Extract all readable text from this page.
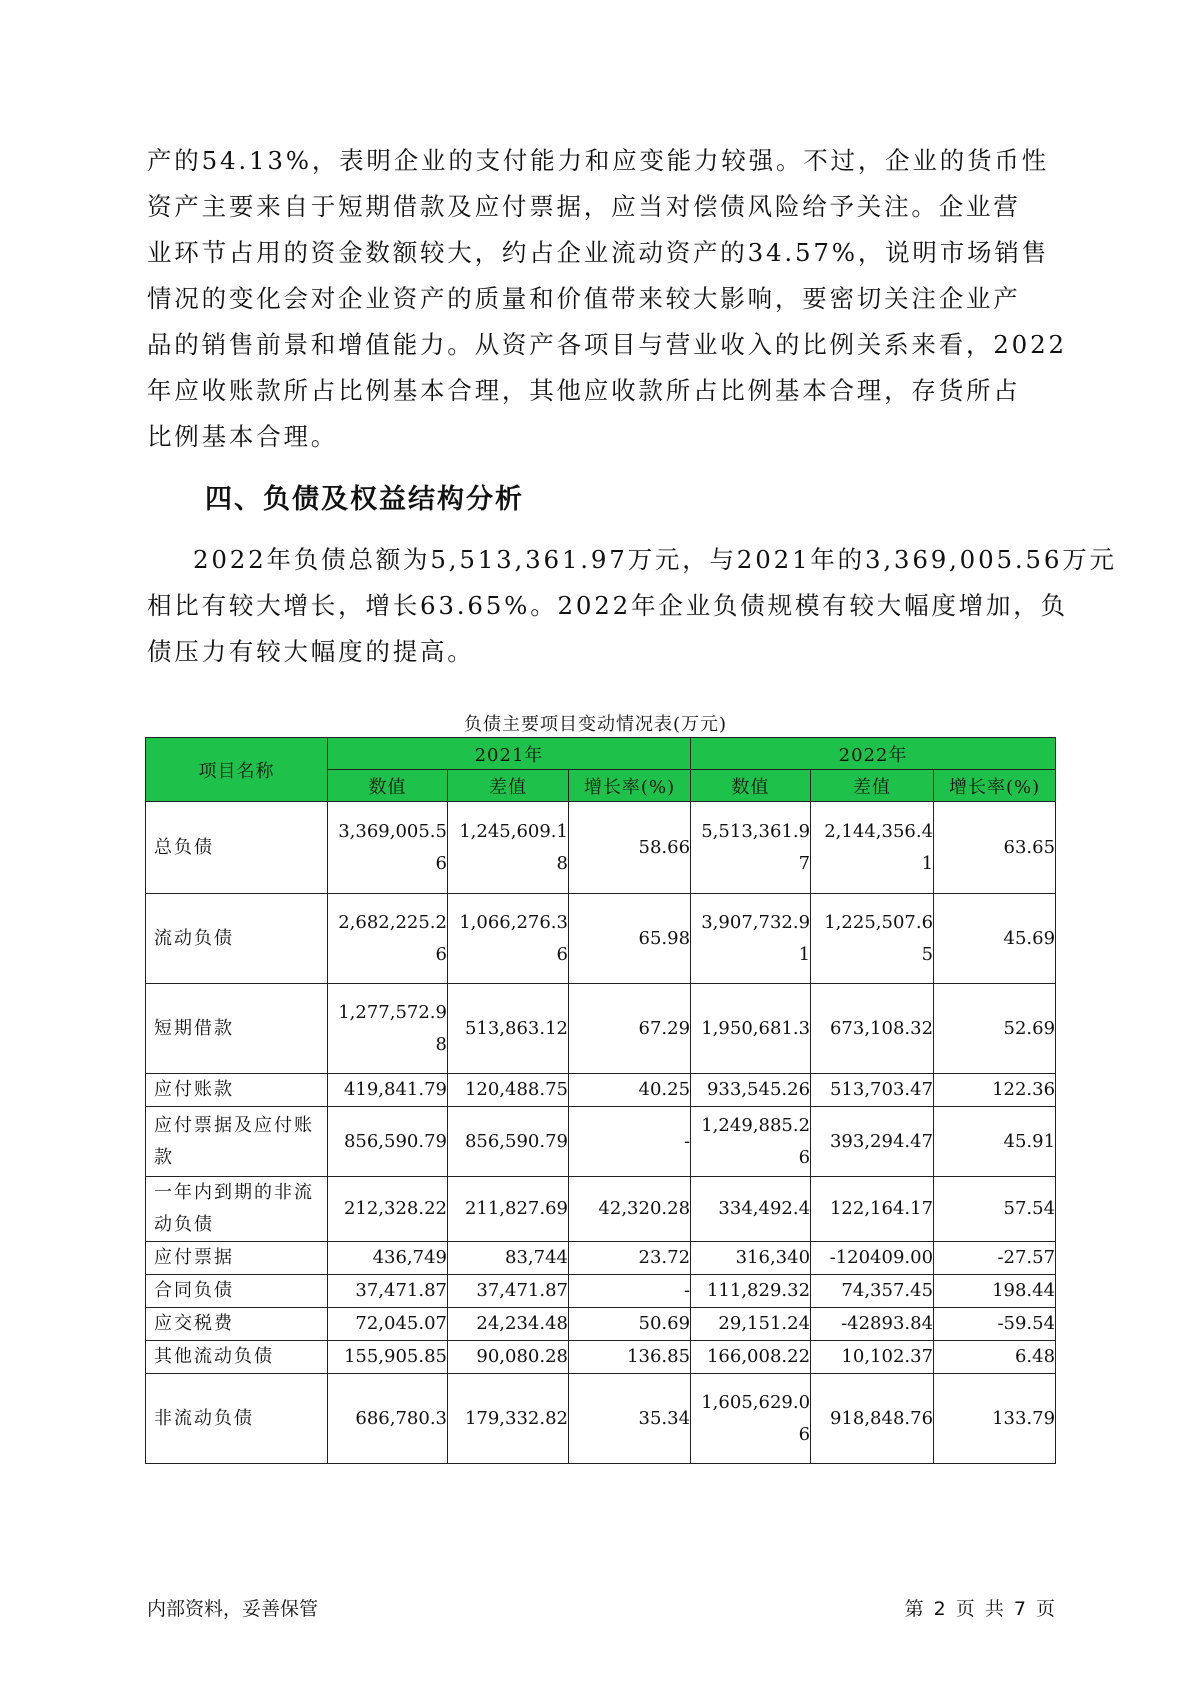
产的54.13%，表明企业的支付能力和应变能力较强。不过，企业的货币性

资产主要来自于短期借款及应付票据，应当对偿债风险给予关注。企业营

业环节占用的资金数额较大，约占企业流动资产的34.57%，说明市场销售

情况的变化会对企业资产的质量和价值带来较大影响，要密切关注企业产

品的销售前景和增值能力。从资产各项目与营业收入的比例关系来看，2022

年应收账款所占比例基本合理，其他应收款所占比例基本合理，存货所占

比例基本合理。

四、负债及权益结构分析

2022年负债总额为5,513,361.97万元，与2021年的3,369,005.56万元

相比有较大增长，增长63.65%。2022年企业负债规模有较大幅度增加，负

债压力有较大幅度的提高。

负债主要项目变动情况表(万元)

项目名称	2021年			2022年		
	数值	差值	增长率(%)	数值	差值	增长率(%)
总负债	3,369,005.56	1,245,609.18	58.66	5,513,361.97	2,144,356.41	63.65
流动负债	2,682,225.26	1,066,276.36	65.98	3,907,732.91	1,225,507.65	45.69
短期借款	1,277,572.98	513,863.12	67.29	1,950,681.3	673,108.32	52.69
应付账款	419,841.79	120,488.75	40.25	933,545.26	513,703.47	122.36
应付票据及应付账款	856,590.79	856,590.79	-	1,249,885.26	393,294.47	45.91
一年内到期的非流动负债	212,328.22	211,827.69	42,320.28	334,492.4	122,164.17	57.54
应付票据	436,749	83,744	23.72	316,340	-120409.00	-27.57
合同负债	37,471.87	37,471.87	-	111,829.32	74,357.45	198.44
应交税费	72,045.07	24,234.48	50.69	29,151.24	-42893.84	-59.54
其他流动负债	155,905.85	90,080.28	136.85	166,008.22	10,102.37	6.48
非流动负债	686,780.3	179,332.82	35.34	1,605,629.06	918,848.76	133.79
内部资料，妥善保管	第 2 页 共 7 页
